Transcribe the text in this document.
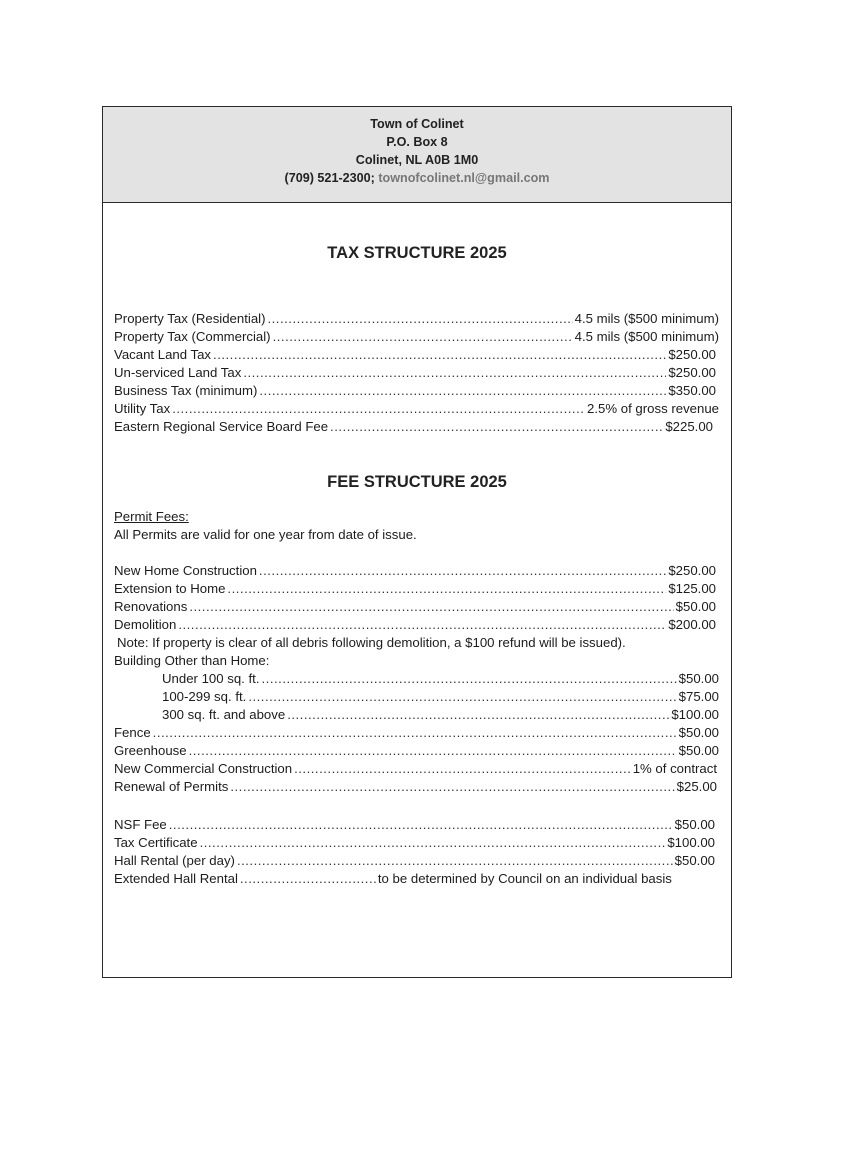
Town of Colinet
P.O. Box 8
Colinet, NL A0B 1M0
(709) 521-2300; townofcolinet.nl@gmail.com
TAX STRUCTURE 2025
Property Tax (Residential) .....	4.5 mils ($500 minimum)
Property Tax (Commercial) .....	4.5 mils ($500 minimum)
Vacant Land Tax .....	$250.00
Un-serviced Land Tax .....	$250.00
Business Tax (minimum) .....	$350.00
Utility Tax .....	2.5% of gross revenue
Eastern Regional Service Board Fee .....	$225.00
FEE STRUCTURE 2025
Permit Fees:
All Permits are valid for one year from date of issue.
New Home Construction .....	$250.00
Extension to Home .....	$125.00
Renovations .....	$50.00
Demolition .....	$200.00
Note: If property is clear of all debris following demolition, a $100 refund will be issued).
Building Other than Home:
Under 100 sq. ft. .....	$50.00
100-299 sq. ft. .....	$75.00
300 sq. ft. and above .....	$100.00
Fence .....	$50.00
Greenhouse .....	$50.00
New Commercial Construction .....	1% of contract
Renewal of Permits .....	$25.00
NSF Fee .....	$50.00
Tax Certificate .....	$100.00
Hall Rental (per day) .....	$50.00
Extended Hall Rental .....	to be determined by Council on an individual basis
